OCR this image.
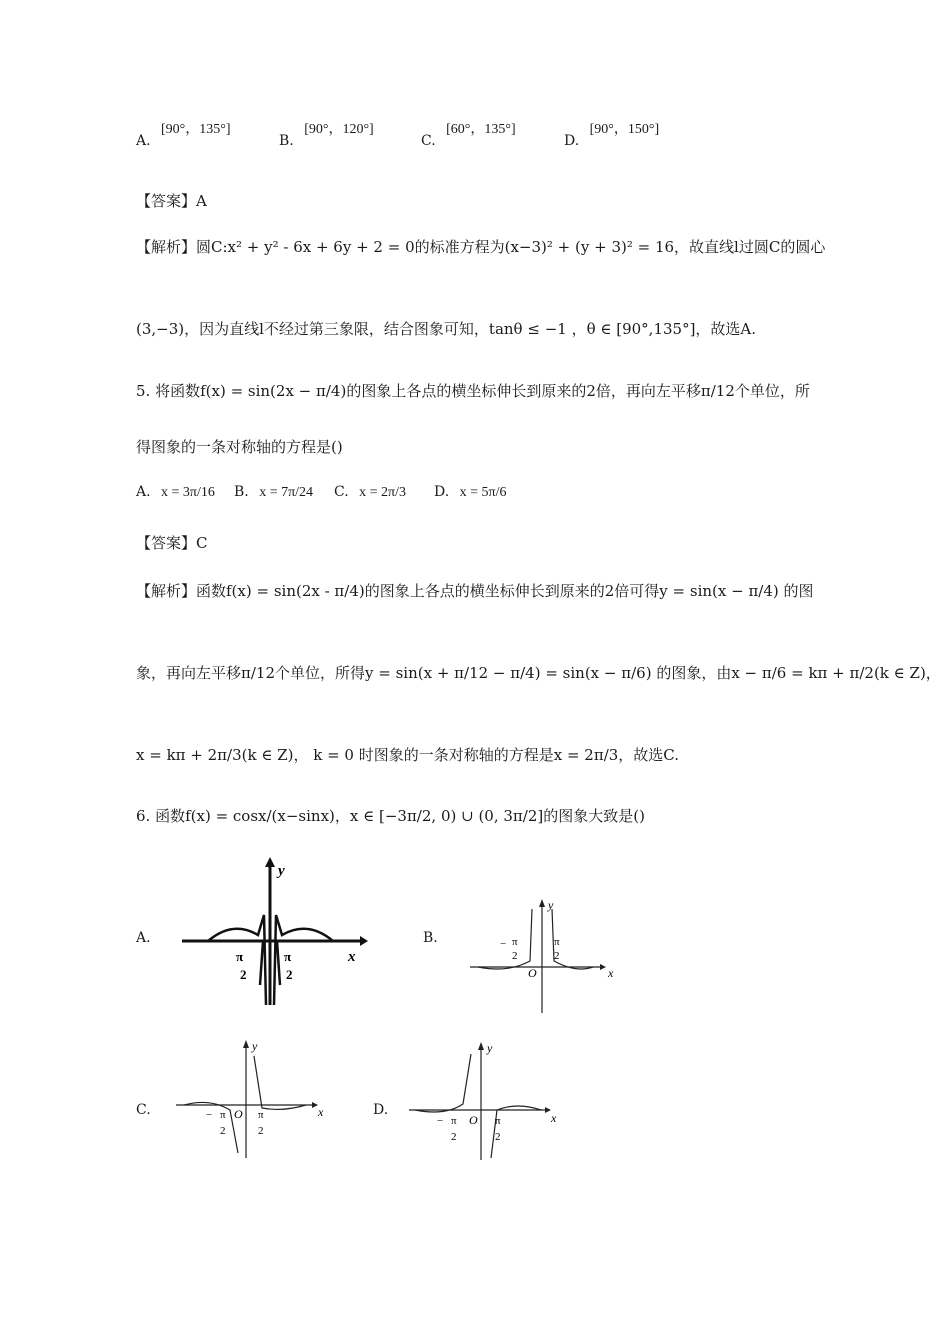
A. [90°，135°]
B. [90°，120°]
C. [60°，135°]
D. [90°，150°]
【答案】A
【解析】圆C:x² + y² - 6x + 6y + 2 = 0的标准方程为(x−3)² + (y + 3)² = 16，故直线l过圆C的圆心
(3,−3)，因为直线l不经过第三象限，结合图象可知，tanθ ≤ −1 ，θ ∈ [90°,135°]，故选A.
5. 将函数f(x) = sin(2x − π/4)的图象上各点的横坐标伸长到原来的2倍，再向左平移π/12个单位，所
得图象的一条对称轴的方程是()
A. x = 3π/16 B. x = 7π/24 C. x = 2π/3 D. x = 5π/6
【答案】C
【解析】函数f(x) = sin(2x - π/4)的图象上各点的横坐标伸长到原来的2倍可得y = sin(x − π/4) 的图
象，再向左平移π/12个单位，所得y = sin(x + π/12 − π/4) = sin(x − π/6) 的图象，由x − π/6 = kπ + π/2(k ∈ Z)，
x = kπ + 2π/3(k ∈ Z)， k = 0 时图象的一条对称轴的方程是x = 2π/3，故选C.
6. 函数f(x) = cosx/(x−sinx)，x ∈ [−3π/2, 0) ∪ (0, 3π/2]的图象大致是()
A.
x
y
π
2
π
2
B.
x
y
O
− π
2
π
2
C.	x
y
O
− π
2
π
2
D.	x
y
O
− π
2
π
2
